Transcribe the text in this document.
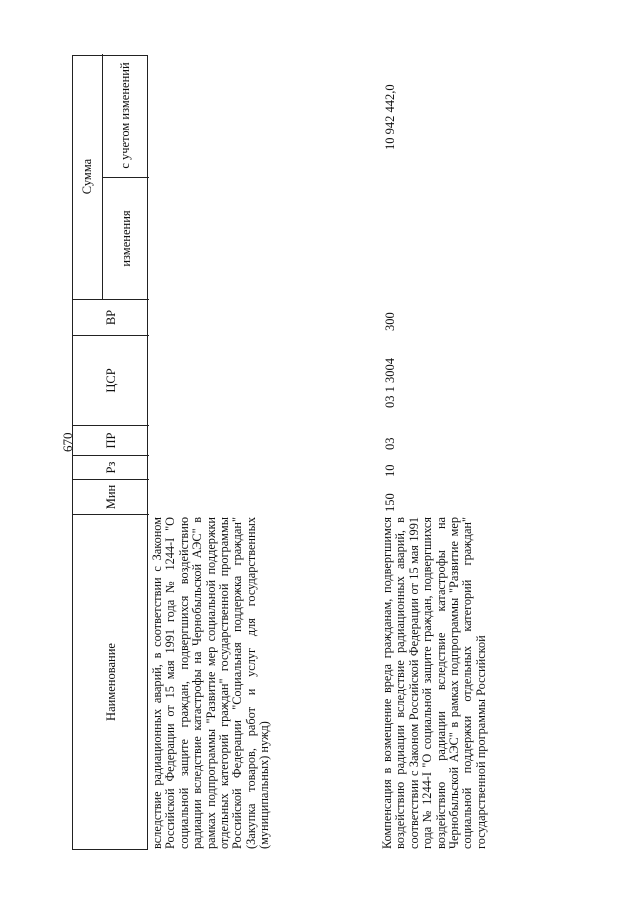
670
Наименование
Мин
Рз
ПР
ЦСР
ВР
Сумма
изменения
с учетом изменений

вследствие радиационных аварий, в соответствии с Законом Российской Федерации от 15 мая 1991 года № 1244-I "О социальной защите граждан, подвергшихся воздействию радиации вследствие катастрофы на Чернобыльской АЭС" в рамках подпрограммы "Развитие мер социальной поддержки отдельных категорий граждан" государственной программы Российской Федерации "Социальная поддержка граждан" (Закупка товаров, работ и услуг для государственных (муниципальных) нужд)	Компенсация в возмещение вреда гражданам, подвергшимся воздействию радиации вследствие радиационных аварий, в соответствии с Законом Российской Федерации от 15 мая 1991 года № 1244-I "О социальной защите граждан, подвергшихся воздействию радиации вследствие катастрофы на Чернобыльской АЭС" в рамках подпрограммы "Развитие мер социальной поддержки отдельных категорий граждан" государственной программы Российской

150
10
03
03 1 3004
300
10 942 442,0
